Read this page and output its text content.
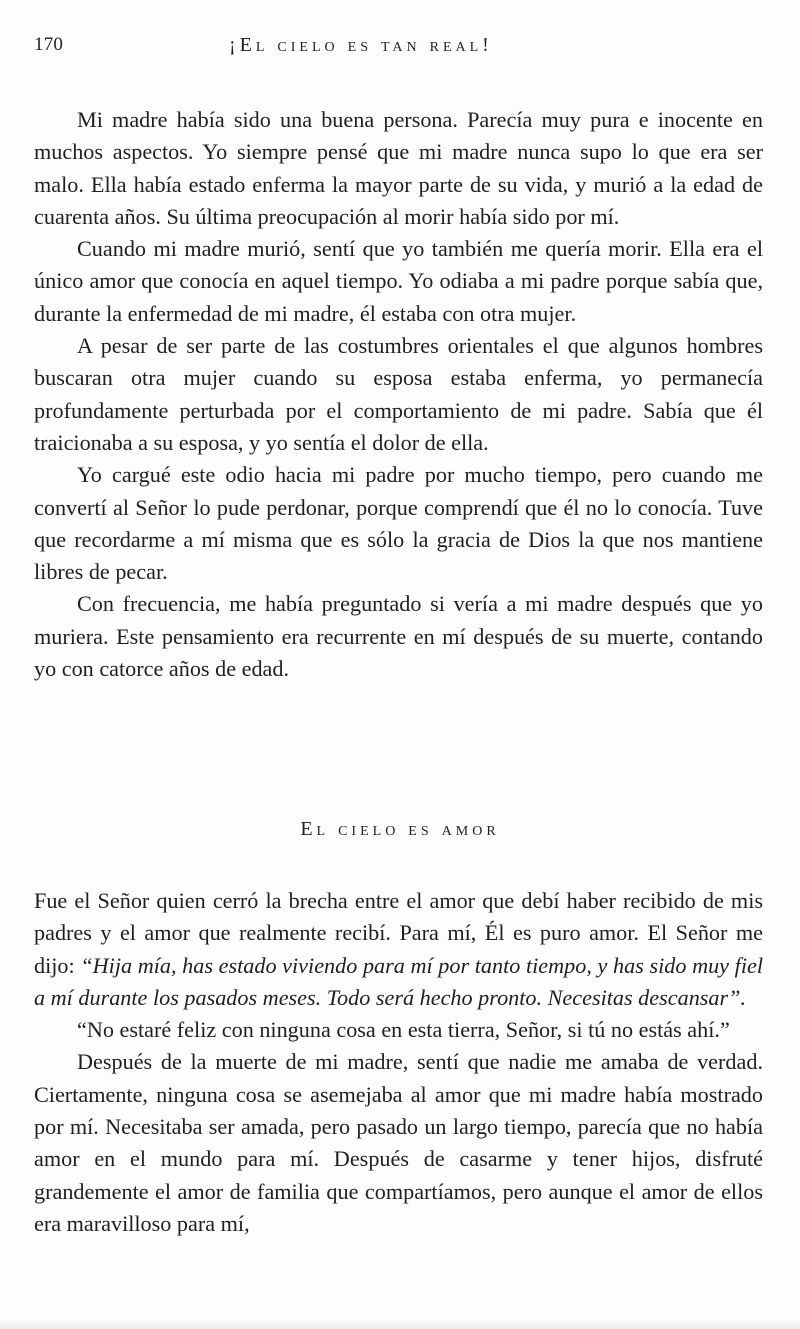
170	¡El cielo es tan real!

Mi madre había sido una buena persona. Parecía muy pura e inocente en muchos aspectos. Yo siempre pensé que mi madre nunca supo lo que era ser malo. Ella había estado enferma la mayor parte de su vida, y murió a la edad de cuarenta años. Su última preocupación al morir había sido por mí.

Cuando mi madre murió, sentí que yo también me quería morir. Ella era el único amor que conocía en aquel tiempo. Yo odiaba a mi padre porque sabía que, durante la enfermedad de mi madre, él estaba con otra mujer.

A pesar de ser parte de las costumbres orientales el que algunos hombres buscaran otra mujer cuando su esposa estaba enferma, yo permanecía profundamente perturbada por el comportamiento de mi padre. Sabía que él traicionaba a su esposa, y yo sentía el dolor de ella.

Yo cargué este odio hacia mi padre por mucho tiempo, pero cuando me convertí al Señor lo pude perdonar, porque comprendí que él no lo conocía. Tuve que recordarme a mí misma que es sólo la gracia de Dios la que nos mantiene libres de pecar.

Con frecuencia, me había preguntado si vería a mi madre después que yo muriera. Este pensamiento era recurrente en mí después de su muerte, contando yo con catorce años de edad.

El cielo es amor

Fue el Señor quien cerró la brecha entre el amor que debí haber recibido de mis padres y el amor que realmente recibí. Para mí, Él es puro amor. El Señor me dijo: “Hija mía, has estado viviendo para mí por tanto tiempo, y has sido muy fiel a mí durante los pasados meses. Todo será hecho pronto. Necesitas descansar”.

“No estaré feliz con ninguna cosa en esta tierra, Señor, si tú no estás ahí.”

Después de la muerte de mi madre, sentí que nadie me amaba de verdad. Ciertamente, ninguna cosa se asemejaba al amor que mi madre había mostrado por mí. Necesitaba ser amada, pero pasado un largo tiempo, parecía que no había amor en el mundo para mí. Después de casarme y tener hijos, disfruté grandemente el amor de familia que compartíamos, pero aunque el amor de ellos era maravilloso para mí,
